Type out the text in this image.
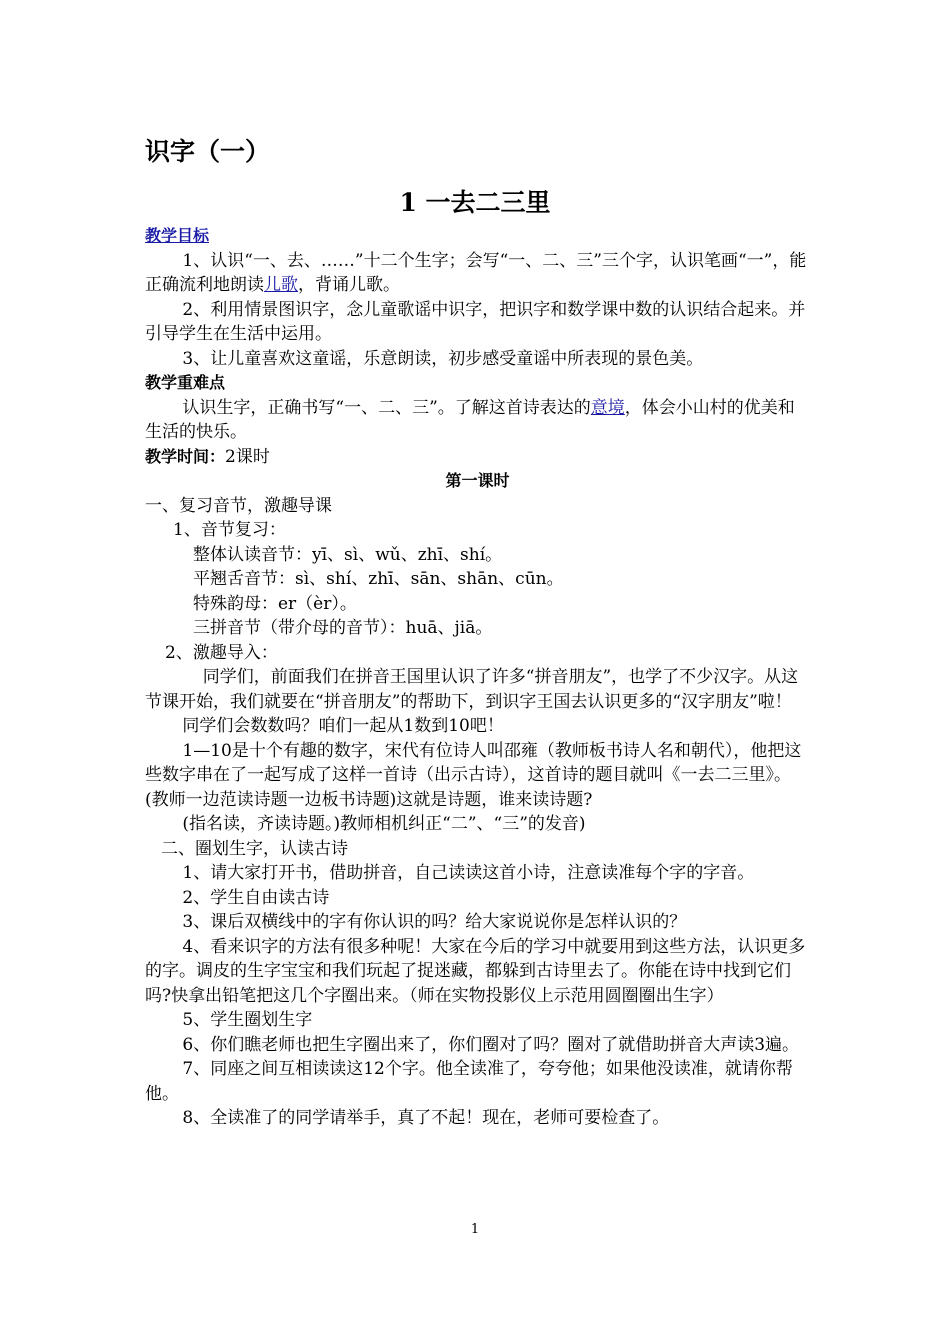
识字（一）
1 一去二三里

教学目标

1、认识“一、去、……”十二个生字；会写“一、二、三”三个字，认识笔画“一”，能正确流利地朗读儿歌，背诵儿歌。

2、利用情景图识字，念儿童歌谣中识字，把识字和数学课中数的认识结合起来。并引导学生在生活中运用。

3、让儿童喜欢这童谣，乐意朗读，初步感受童谣中所表现的景色美。

教学重难点

认识生字，正确书写“一、二、三”。了解这首诗表达的意境，体会小山村的优美和生活的快乐。

教学时间：2课时

第一课时

一、复习音节，激趣导课

1、音节复习：

整体认读音节：yī、sì、wǔ、zhī、shí。

平翘舌音节：sì、shí、zhī、sān、shān、cūn。

特殊韵母：er（èr）。

三拼音节（带介母的音节）：huā、jiā。

2、激趣导入：

同学们，前面我们在拼音王国里认识了许多“拼音朋友”，也学了不少汉字。从这节课开始，我们就要在“拼音朋友”的帮助下，到识字王国去认识更多的“汉字朋友”啦！

同学们会数数吗？咱们一起从1数到10吧！

1—10是十个有趣的数字，宋代有位诗人叫邵雍（教师板书诗人名和朝代），他把这些数字串在了一起写成了这样一首诗（出示古诗），这首诗的题目就叫《一去二三里》。(教师一边范读诗题一边板书诗题)这就是诗题，谁来读诗题?

(指名读，齐读诗题。)教师相机纠正“二”、“三”的发音)

二、圈划生字，认读古诗

1、请大家打开书，借助拼音，自己读读这首小诗，注意读准每个字的字音。

2、学生自由读古诗

3、课后双横线中的字有你认识的吗？给大家说说你是怎样认识的？

4、看来识字的方法有很多种呢！大家在今后的学习中就要用到这些方法，认识更多的字。调皮的生字宝宝和我们玩起了捉迷藏，都躲到古诗里去了。你能在诗中找到它们吗?快拿出铅笔把这几个字圈出来。（师在实物投影仪上示范用圆圈圈出生字）

5、学生圈划生字

6、你们瞧老师也把生字圈出来了，你们圈对了吗？圈对了就借助拼音大声读3遍。

7、同座之间互相读读这12个字。他全读准了，夸夸他；如果他没读准，就请你帮他。

8、全读准了的同学请举手，真了不起！现在，老师可要检查了。

1
